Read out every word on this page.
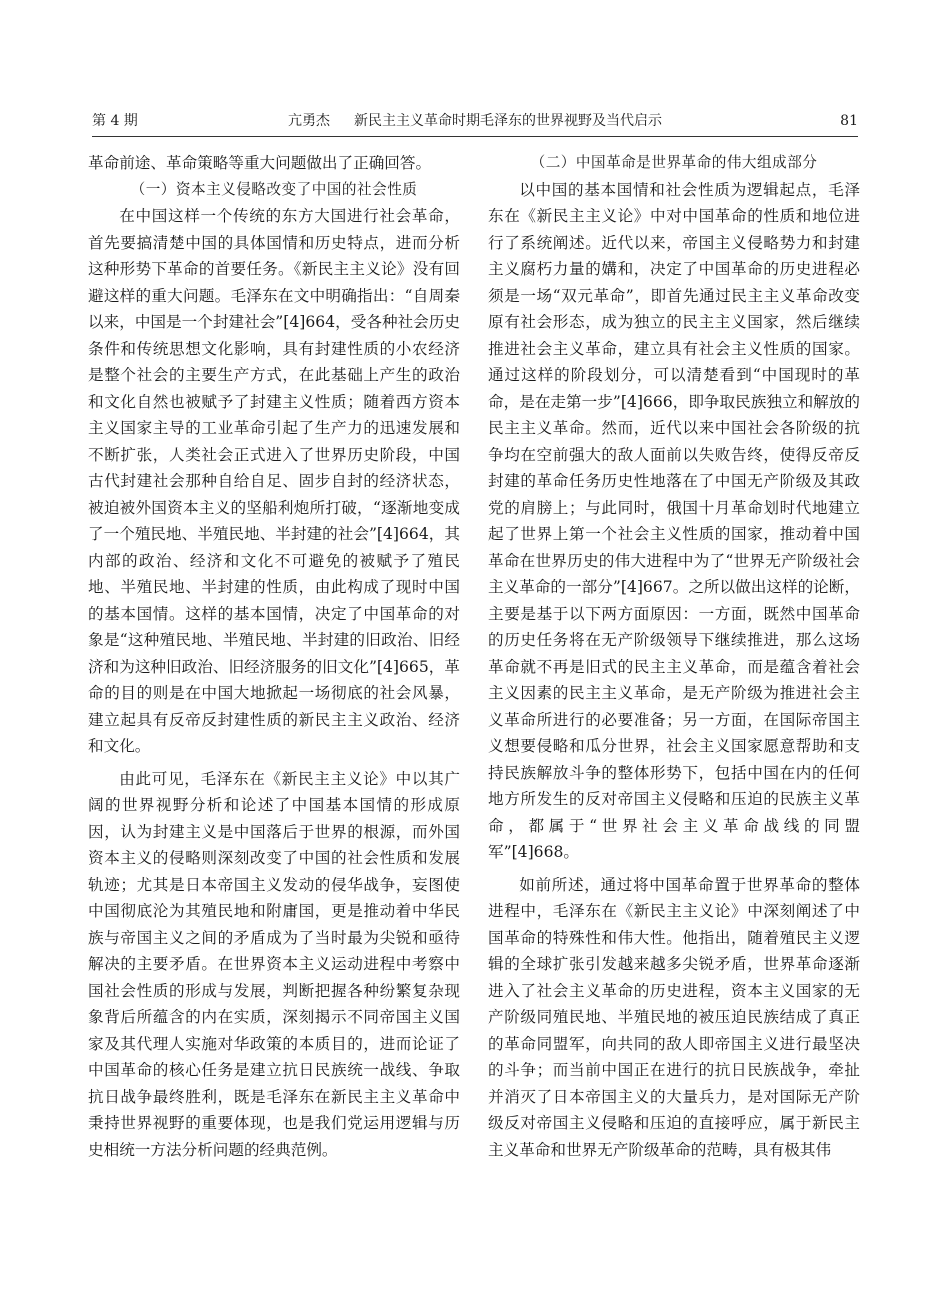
第 4 期	亢勇杰 新民主主义革命时期毛泽东的世界视野及当代启示	81

革命前途、革命策略等重大问题做出了正确回答。

（一）资本主义侵略改变了中国的社会性质

在中国这样一个传统的东方大国进行社会革命，首先要搞清楚中国的具体国情和历史特点，进而分析这种形势下革命的首要任务。《新民主主义论》没有回避这样的重大问题。毛泽东在文中明确指出：“自周秦以来，中国是一个封建社会”[4]664，受各种社会历史条件和传统思想文化影响，具有封建性质的小农经济是整个社会的主要生产方式，在此基础上产生的政治和文化自然也被赋予了封建主义性质；随着西方资本主义国家主导的工业革命引起了生产力的迅速发展和不断扩张，人类社会正式进入了世界历史阶段，中国古代封建社会那种自给自足、固步自封的经济状态，被迫被外国资本主义的坚船利炮所打破，“逐渐地变成了一个殖民地、半殖民地、半封建的社会”[4]664，其内部的政治、经济和文化不可避免的被赋予了殖民地、半殖民地、半封建的性质，由此构成了现时中国的基本国情。这样的基本国情，决定了中国革命的对象是“这种殖民地、半殖民地、半封建的旧政治、旧经济和为这种旧政治、旧经济服务的旧文化”[4]665，革命的目的则是在中国大地掀起一场彻底的社会风暴，建立起具有反帝反封建性质的新民主主义政治、经济和文化。

由此可见，毛泽东在《新民主主义论》中以其广阔的世界视野分析和论述了中国基本国情的形成原因，认为封建主义是中国落后于世界的根源，而外国资本主义的侵略则深刻改变了中国的社会性质和发展轨迹；尤其是日本帝国主义发动的侵华战争，妄图使中国彻底沦为其殖民地和附庸国，更是推动着中华民族与帝国主义之间的矛盾成为了当时最为尖锐和亟待解决的主要矛盾。在世界资本主义运动进程中考察中国社会性质的形成与发展，判断把握各种纷繁复杂现象背后所蕴含的内在实质，深刻揭示不同帝国主义国家及其代理人实施对华政策的本质目的，进而论证了中国革命的核心任务是建立抗日民族统一战线、争取抗日战争最终胜利，既是毛泽东在新民主主义革命中秉持世界视野的重要体现，也是我们党运用逻辑与历史相统一方法分析问题的经典范例。

（二）中国革命是世界革命的伟大组成部分

以中国的基本国情和社会性质为逻辑起点，毛泽东在《新民主主义论》中对中国革命的性质和地位进行了系统阐述。近代以来，帝国主义侵略势力和封建主义腐朽力量的媾和，决定了中国革命的历史进程必须是一场“双元革命”，即首先通过民主主义革命改变原有社会形态，成为独立的民主主义国家，然后继续推进社会主义革命，建立具有社会主义性质的国家。通过这样的阶段划分，可以清楚看到“中国现时的革命，是在走第一步”[4]666，即争取民族独立和解放的民主主义革命。然而，近代以来中国社会各阶级的抗争均在空前强大的敌人面前以失败告终，使得反帝反封建的革命任务历史性地落在了中国无产阶级及其政党的肩膀上；与此同时，俄国十月革命划时代地建立起了世界上第一个社会主义性质的国家，推动着中国革命在世界历史的伟大进程中为了“世界无产阶级社会主义革命的一部分”[4]667。之所以做出这样的论断，主要是基于以下两方面原因：一方面，既然中国革命的历史任务将在无产阶级领导下继续推进，那么这场革命就不再是旧式的民主主义革命，而是蕴含着社会主义因素的民主主义革命，是无产阶级为推进社会主义革命所进行的必要准备；另一方面，在国际帝国主义想要侵略和瓜分世界，社会主义国家愿意帮助和支持民族解放斗争的整体形势下，包括中国在内的任何地方所发生的反对帝国主义侵略和压迫的民族主义革命，都属于“世界社会主义革命战线的同盟军”[4]668。

如前所述，通过将中国革命置于世界革命的整体进程中，毛泽东在《新民主主义论》中深刻阐述了中国革命的特殊性和伟大性。他指出，随着殖民主义逻辑的全球扩张引发越来越多尖锐矛盾，世界革命逐渐进入了社会主义革命的历史进程，资本主义国家的无产阶级同殖民地、半殖民地的被压迫民族结成了真正的革命同盟军，向共同的敌人即帝国主义进行最坚决的斗争；而当前中国正在进行的抗日民族战争，牵扯并消灭了日本帝国主义的大量兵力，是对国际无产阶级反对帝国主义侵略和压迫的直接呼应，属于新民主主义革命和世界无产阶级革命的范畴，具有极其伟
